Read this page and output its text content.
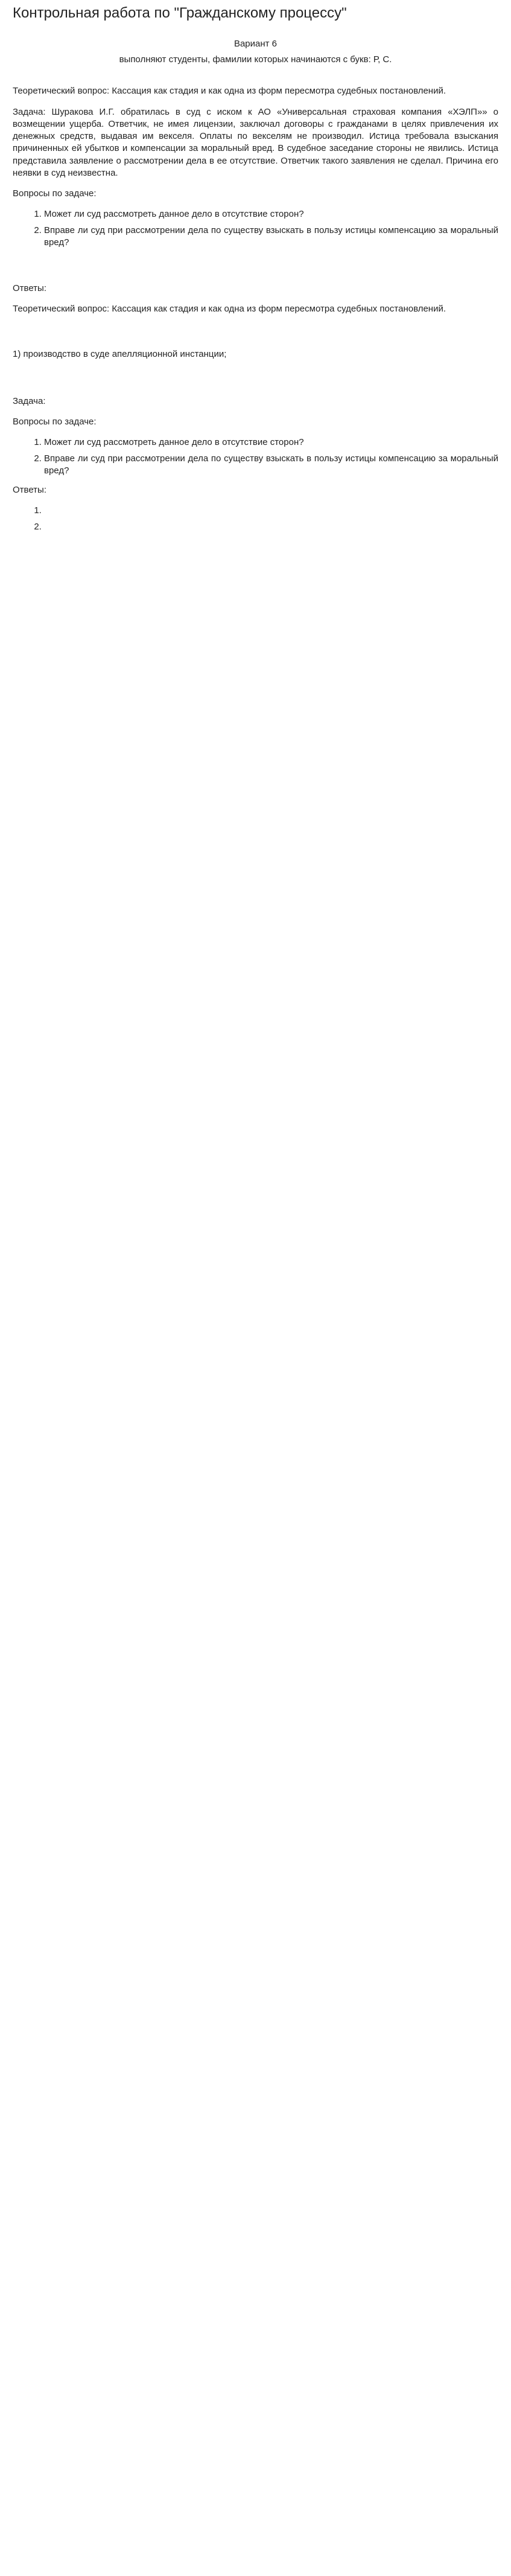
Контрольная работа по "Гражданскому процессу"

Вариант 6

выполняют студенты, фамилии которых начинаются с букв: Р, С.

Теоретический вопрос: Кассация как стадия и как одна из форм пересмотра судебных постановлений.

Задача: Шуракова И.Г. обратилась в суд с иском к АО «Универсальная страховая компания «ХЭЛП»» о возмещении ущерба. Ответчик, не имея лицензии, заключал договоры с гражданами в целях привлечения их денежных средств, выдавая им векселя. Оплаты по векселям не производил. Истица требовала взыскания причиненных ей убытков и компенсации за моральный вред. В судебное заседание стороны не явились. Истица представила заявление о рассмотрении дела в ее отсутствие. Ответчик такого заявления не сделал. Причина его неявки в суд неизвестна.

Вопросы по задаче:

1. Может ли суд рассмотреть данное дело в отсутствие сторон?
2. Вправе ли суд при рассмотрении дела по существу взыскать в пользу истицы компенсацию за моральный вред?

Ответы:

Теоретический вопрос: Кассация как стадия и как одна из форм пересмотра судебных постановлений.

1) производство в суде апелляционной инстанции;

Задача:

Вопросы по задаче:

1. Может ли суд рассмотреть данное дело в отсутствие сторон?
2. Вправе ли суд при рассмотрении дела по существу взыскать в пользу истицы компенсацию за моральный вред?

Ответы:

1.
2.
